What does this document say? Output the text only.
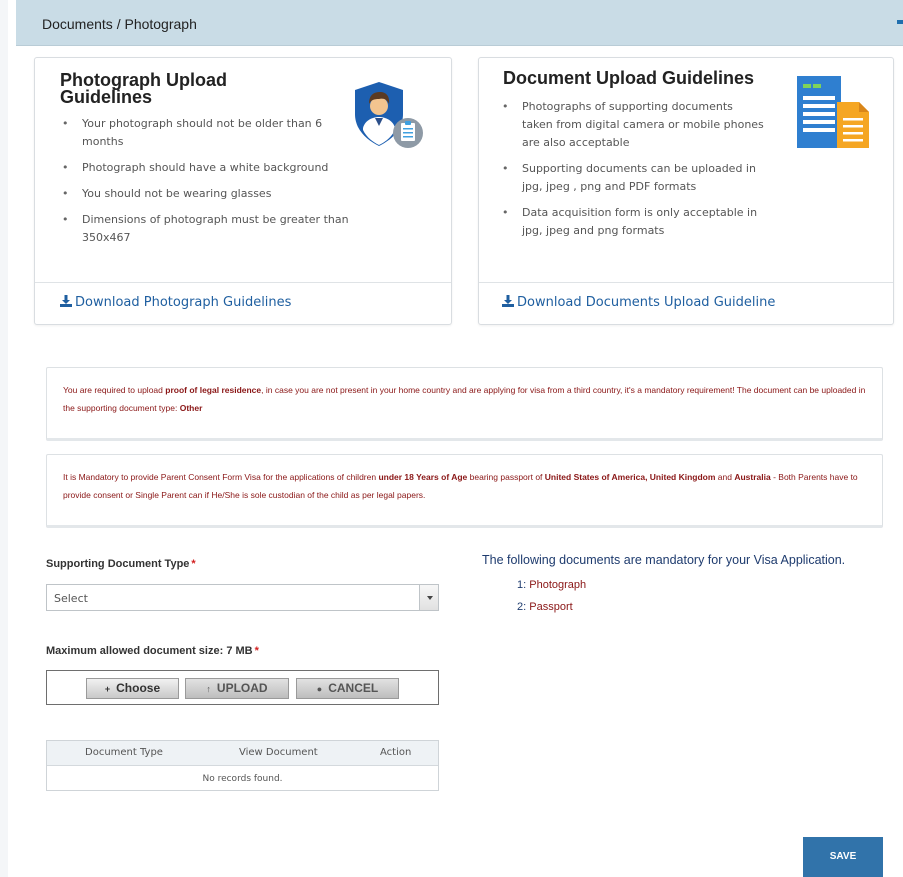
Documents / Photograph
Photograph Upload Guidelines
• Your photograph should not be older than 6 months
• Photograph should have a white background
• You should not be wearing glasses
• Dimensions of photograph must be greater than 350x467
Download Photograph Guidelines
Document Upload Guidelines
• Photographs of supporting documents taken from digital camera or mobile phones are also acceptable
• Supporting documents can be uploaded in jpg, jpeg , png and PDF formats
• Data acquisition form is only acceptable in jpg, jpeg and png formats
Download Documents Upload Guideline
You are required to upload proof of legal residence, in case you are not present in your home country and are applying for visa from a third country, it's a mandatory requirement! The document can be uploaded in the supporting document type: Other
It is Mandatory to provide Parent Consent Form Visa for the applications of children under 18 Years of Age bearing passport of United States of America, United Kingdom and Australia - Both Parents have to provide consent or Single Parent can if He/She is sole custodian of the child as per legal papers.
Supporting Document Type *
Select
Maximum allowed document size: 7 MB *
+ Choose	↑ UPLOAD	● CANCEL
Document Type	View Document	Action
No records found.
The following documents are mandatory for your Visa Application.
1: Photograph
2: Passport
SAVE
